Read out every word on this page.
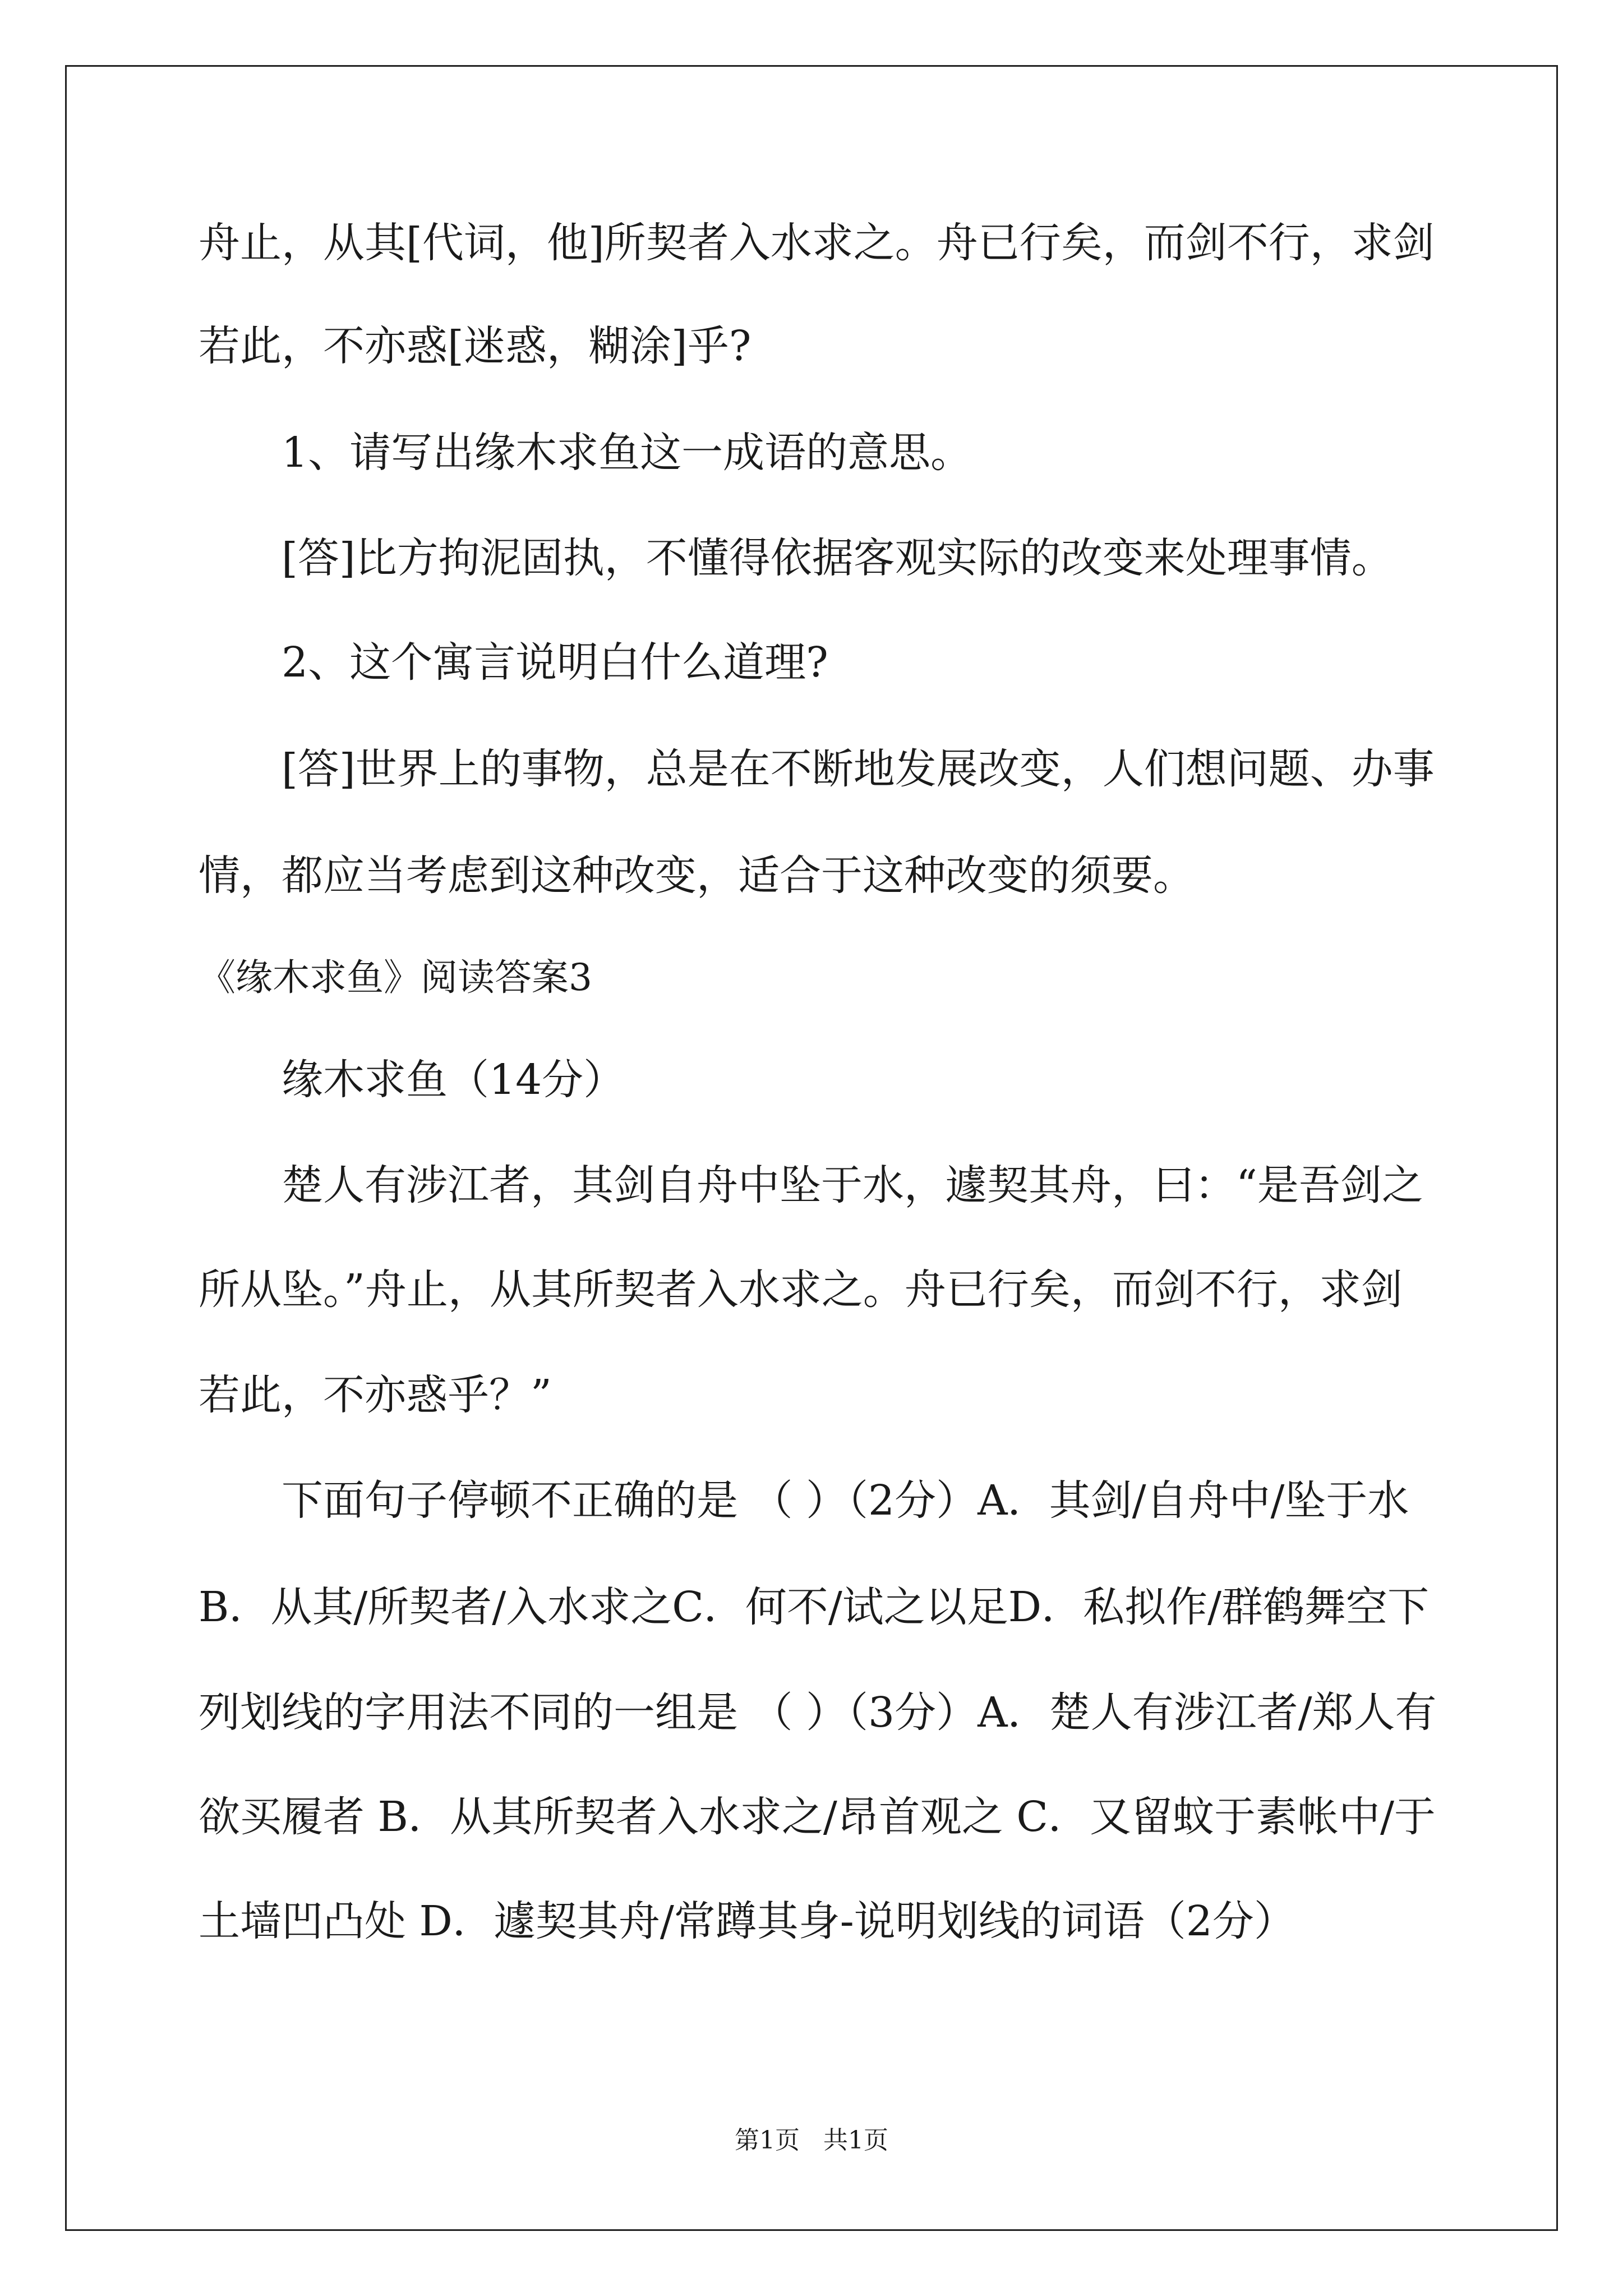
舟止，从其[代词，他]所契者入水求之。舟已行矣，而剑不行，求剑
若此，不亦惑[迷惑，糊涂]乎?
1、请写出缘木求鱼这一成语的意思。
[答]比方拘泥固执，不懂得依据客观实际的改变来处理事情。
2、这个寓言说明白什么道理?
[答]世界上的事物，总是在不断地发展改变，人们想问题、办事
情，都应当考虑到这种改变，适合于这种改变的须要。
《缘木求鱼》阅读答案3
缘木求鱼（14分）
楚人有涉江者，其剑自舟中坠于水，遽契其舟，曰：“是吾剑之
所从坠。”舟止，从其所契者入水求之。舟已行矣，而剑不行，求剑
若此，不亦惑乎？”
下面句子停顿不正确的是 （ ）（2分）A．其剑/自舟中/坠于水
B．从其/所契者/入水求之C．何不/试之以足D．私拟作/群鹤舞空下
列划线的字用法不同的一组是 （ ）（3分）A．楚人有涉江者/郑人有
欲买履者 B．从其所契者入水求之/昂首观之 C．又留蚊于素帐中/于
土墙凹凸处 D．遽契其舟/常蹲其身-说明划线的词语（2分）
第1页   共1页
